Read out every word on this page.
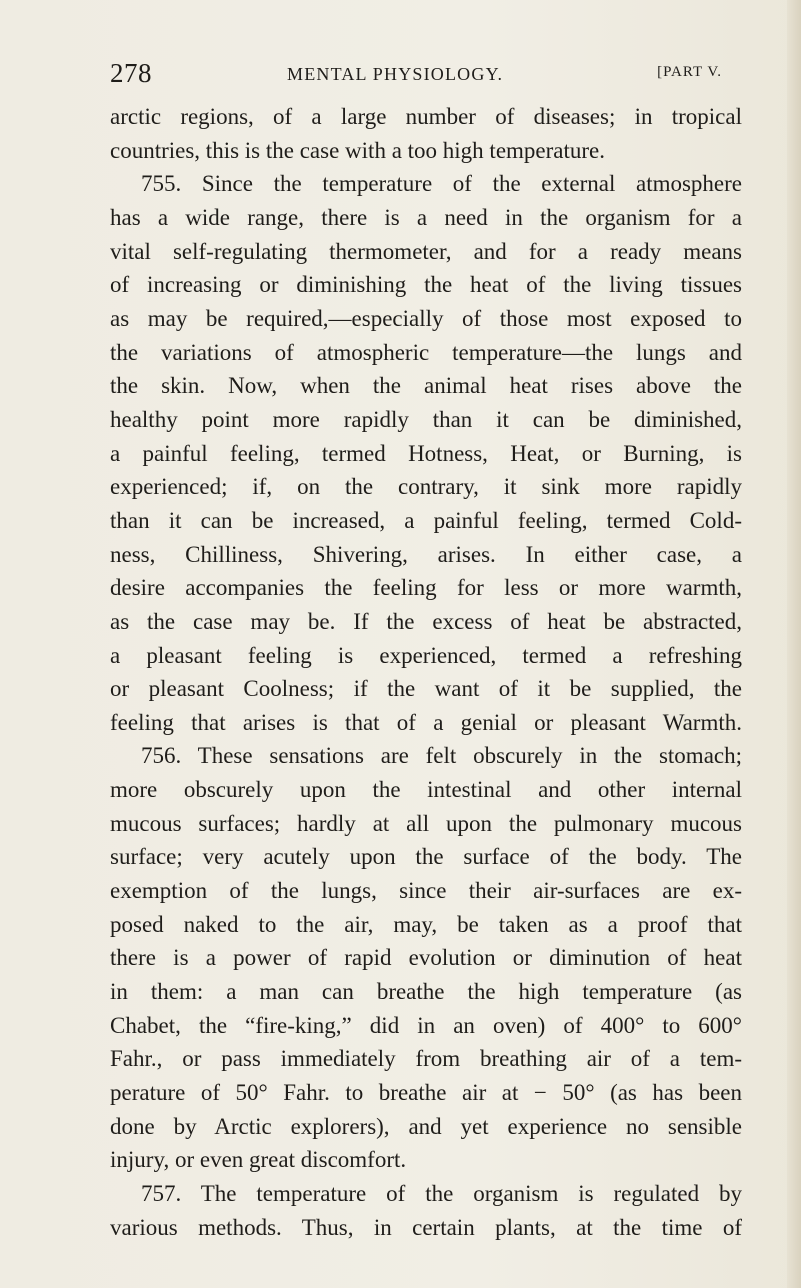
278	MENTAL PHYSIOLOGY.	[PART V.
arctic regions, of a large number of diseases; in tropical
countries, this is the case with a too high temperature.
755. Since the temperature of the external atmosphere
has a wide range, there is a need in the organism for a
vital self-regulating thermometer, and for a ready means
of increasing or diminishing the heat of the living tissues
as may be required,—especially of those most exposed to
the variations of atmospheric temperature—the lungs and
the skin. Now, when the animal heat rises above the
healthy point more rapidly than it can be diminished,
a painful feeling, termed Hotness, Heat, or Burning, is
experienced; if, on the contrary, it sink more rapidly
than it can be increased, a painful feeling, termed Cold-
ness, Chilliness, Shivering, arises. In either case, a
desire accompanies the feeling for less or more warmth,
as the case may be. If the excess of heat be abstracted,
a pleasant feeling is experienced, termed a refreshing
or pleasant Coolness; if the want of it be supplied, the
feeling that arises is that of a genial or pleasant Warmth.
756. These sensations are felt obscurely in the stomach;
more obscurely upon the intestinal and other internal
mucous surfaces; hardly at all upon the pulmonary mucous
surface; very acutely upon the surface of the body. The
exemption of the lungs, since their air-surfaces are ex-
posed naked to the air, may, be taken as a proof that
there is a power of rapid evolution or diminution of heat
in them: a man can breathe the high temperature (as
Chabet, the “fire-king,” did in an oven) of 400° to 600°
Fahr., or pass immediately from breathing air of a tem-
perature of 50° Fahr. to breathe air at − 50° (as has been
done by Arctic explorers), and yet experience no sensible
injury, or even great discomfort.
757. The temperature of the organism is regulated by
various methods. Thus, in certain plants, at the time of
